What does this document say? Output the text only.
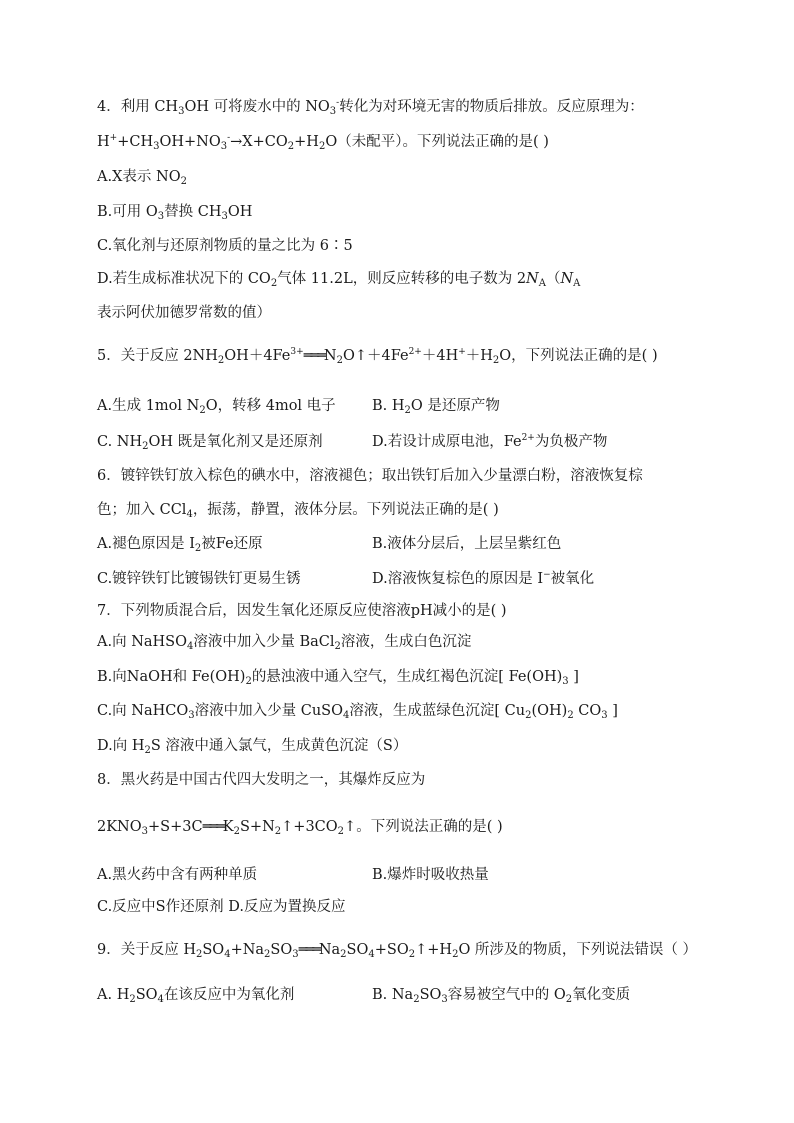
4．利用 $CH_3OH$ 可将废水中的 $NO_3^-$转化为对环境无害的物质后排放。反应原理为：
$H^++CH_3OH+NO_3^-\to X+CO_2+H_2O$（未配平）。下列说法正确的是( )
A.X表示 $NO_2$
B.可用 $O_3$替换 $CH_3OH$
C.氧化剂与还原剂物质的量之比为 6∶5
D.若生成标准状况下的 $CO_2$气体 11.2L，则反应转移的电子数为 $2N_A(N_A$
表示阿伏加德罗常数的值）
5．关于反应 $2NH_2OH+4Fe^{3+}═══N_2O↑+4Fe^{2+}+4H^++H_2O$，下列说法正确的是( )
A.生成 1mol $N_2O$，转移 4mol 电子	B. $H_2O$ 是还原产物
C. $NH_2OH$ 既是氧化剂又是还原剂	D.若设计成原电池，$Fe^{2+}$为负极产物
6．镀锌铁钉放入棕色的碘水中，溶液褪色；取出铁钉后加入少量漂白粉，溶液恢复棕
色；加入 CCl$_4$，振荡，静置，液体分层。下列说法正确的是( )
A.褪色原因是 $I_2$被Fe还原	B.液体分层后，上层呈紫红色
C.镀锌铁钉比镀锡铁钉更易生锈	D.溶液恢复棕色的原因是 I−被氧化
7．下列物质混合后，因发生氧化还原反应使溶液pH减小的是( )
A.向 NaHSO$_4$溶液中加入少量 BaCl$_2$溶液，生成白色沉淀
B.向NaOH和 $Fe(OH)_2$的悬浊液中通入空气，生成红褐色沉淀[ $Fe(OH)_3$ ]
C.向 NaHCO$_3$溶液中加入少量 CuSO$_4$溶液，生成蓝绿色沉淀[ $Cu_2(OH)_2$ $CO_3$ ]
D.向 $H_2S$ 溶液中通入氯气，生成黄色沉淀（S）
8．黑火药是中国古代四大发明之一，其爆炸反应为
$2KNO_3+S+3C═══K_2S+N_2↑+3CO_2↑$。下列说法正确的是( )
A.黑火药中含有两种单质	B.爆炸时吸收热量
C.反应中S作还原剂 D.反应为置换反应
9．关于反应 $H_2SO_4+Na_2SO_3═══Na_2SO_4+SO_2↑+H_2O$ 所涉及的物质，下列说法错误（ ）
A. $H_2SO_4$在该反应中为氧化剂	B. $Na_2SO_3$容易被空气中的 $O_2$氧化变质
